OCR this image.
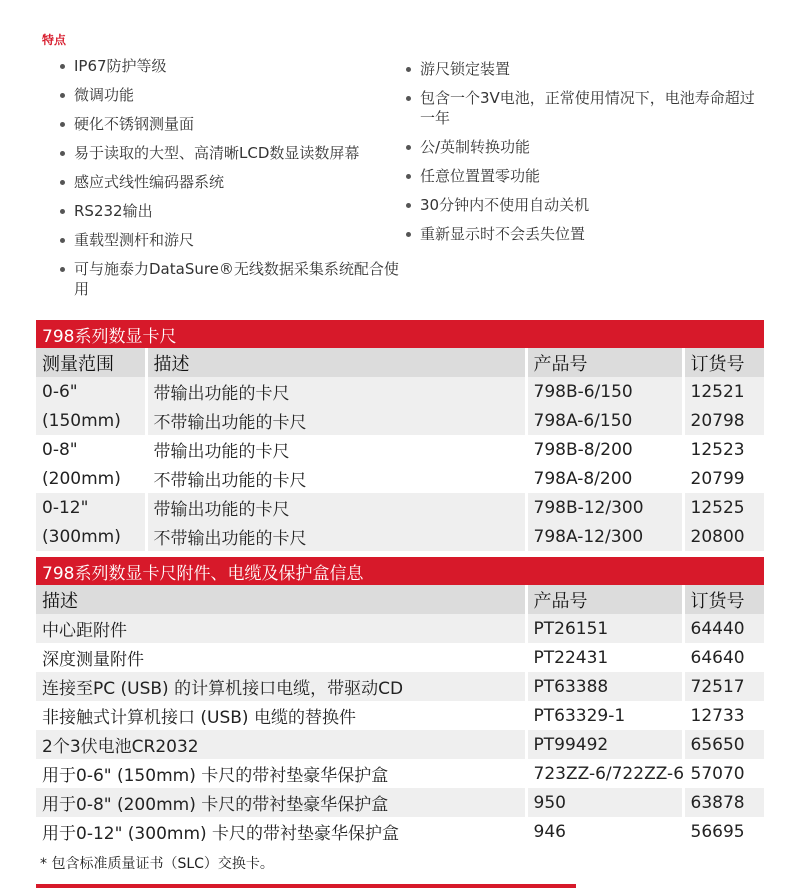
特点
IP67防护等级
微调功能
硬化不锈钢测量面
易于读取的大型、高清晰LCD数显读数屏幕
感应式线性编码器系统
RS232输出
重载型测杆和游尺
可与施泰力DataSure®无线数据采集系统配合使用
游尺锁定装置
包含一个3V电池，正常使用情况下，电池寿命超过一年
公/英制转换功能
任意位置置零功能
30分钟内不使用自动关机
重新显示时不会丢失位置
798系列数显卡尺			
测量范围	描述	产品号	订货号
0-6"	带输出功能的卡尺	798B-6/150	12521
(150mm)	不带输出功能的卡尺	798A-6/150	20798
0-8"	带输出功能的卡尺	798B-8/200	12523
(200mm)	不带输出功能的卡尺	798A-8/200	20799
0-12"	带输出功能的卡尺	798B-12/300	12525
(300mm)	不带输出功能的卡尺	798A-12/300	20800
798系列数显卡尺附件、电缆及保护盒信息		
描述	产品号	订货号
中心距附件	PT26151	64440
深度测量附件	PT22431	64640
连接至PC (USB) 的计算机接口电缆，带驱动CD	PT63388	72517
非接触式计算机接口 (USB) 电缆的替换件	PT63329-1	12733
2个3伏电池CR2032	PT99492	65650
用于0-6" (150mm) 卡尺的带衬垫豪华保护盒	723ZZ-6/722ZZ-6	57070
用于0-8" (200mm) 卡尺的带衬垫豪华保护盒	950	63878
用于0-12" (300mm) 卡尺的带衬垫豪华保护盒	946	56695
* 包含标准质量证书（SLC）交换卡。
